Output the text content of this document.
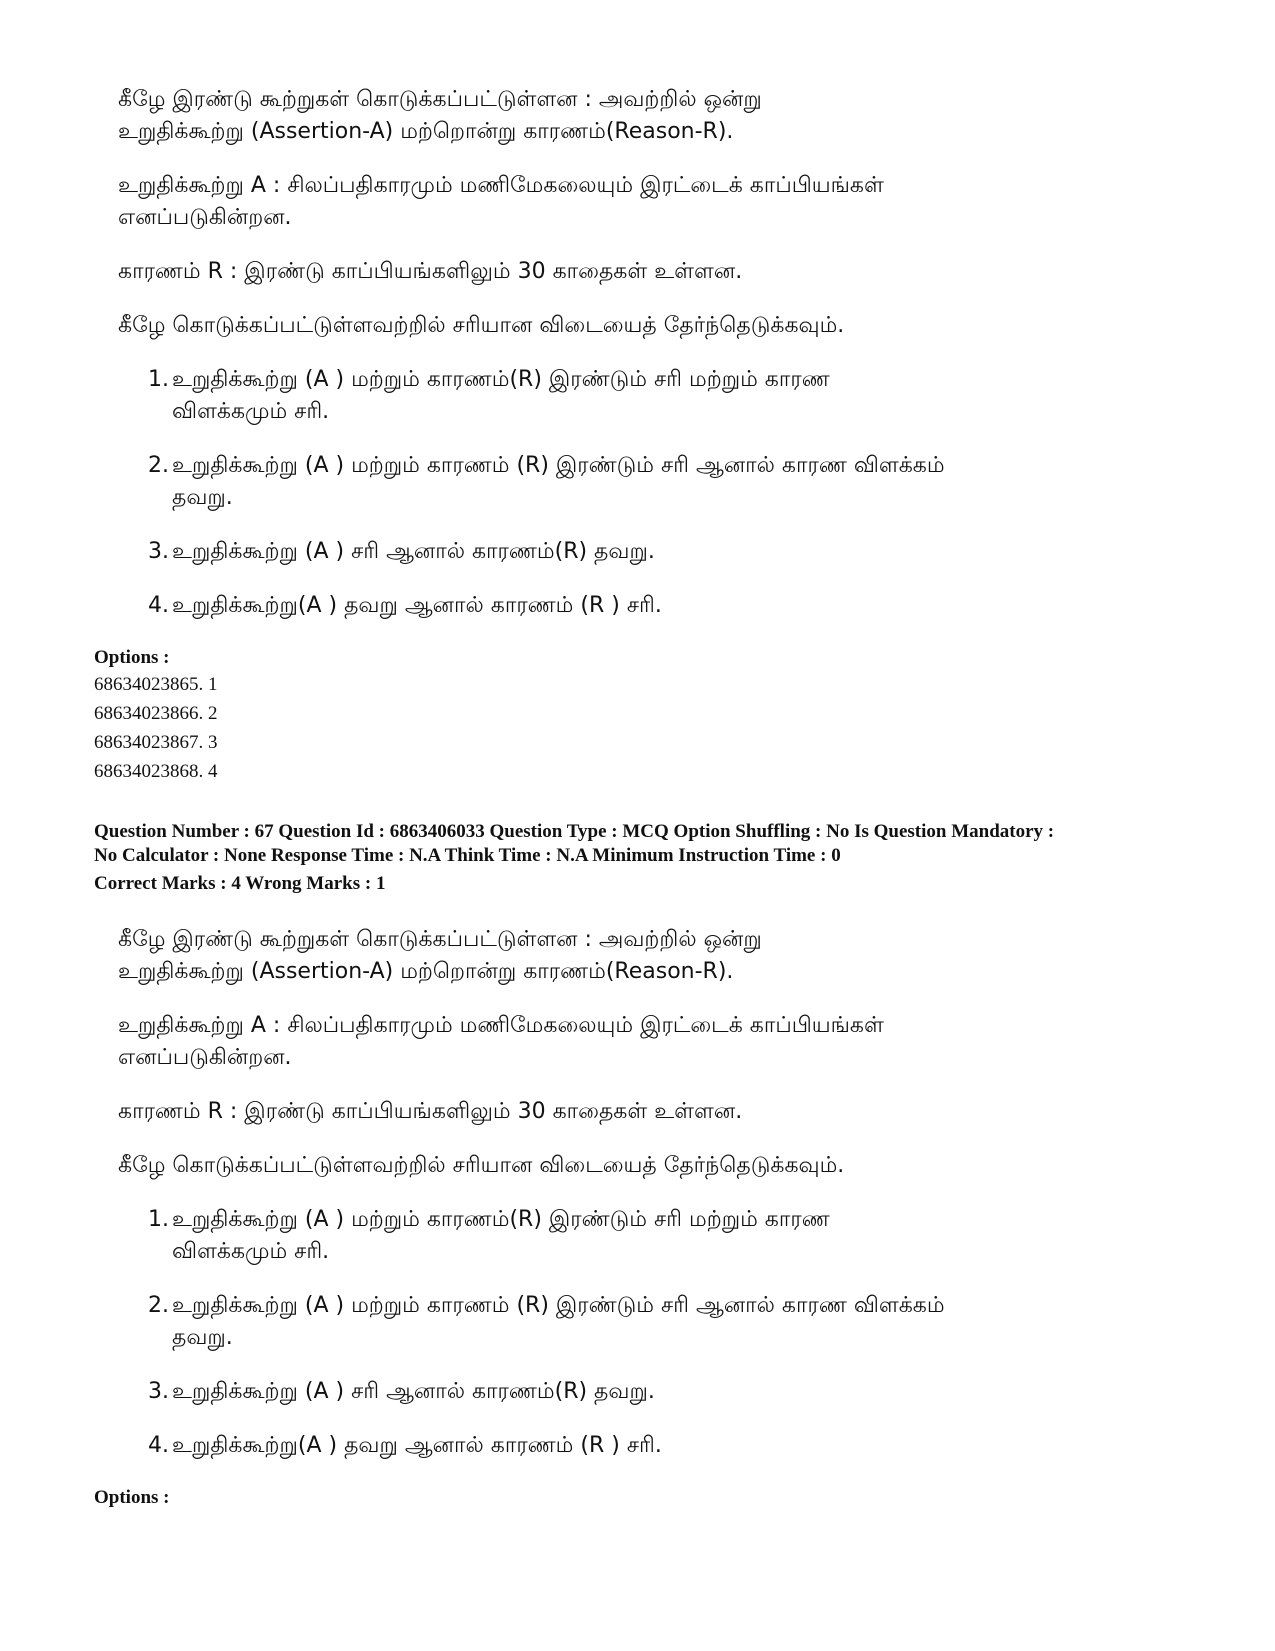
கீழே இரண்டு கூற்றுகள் கொடுக்கப்பட்டுள்ளன : அவற்றில் ஒன்று
உறுதிக்கூற்று (Assertion-A) மற்றொன்று காரணம்(Reason-R).
உறுதிக்கூற்று A : சிலப்பதிகாரமும் மணிமேகலையும் இரட்டைக் காப்பியங்கள்
எனப்படுகின்றன.
காரணம் R : இரண்டு காப்பியங்களிலும் 30 காதைகள் உள்ளன.
கீழே கொடுக்கப்பட்டுள்ளவற்றில் சரியான விடையைத் தேர்ந்தெடுக்கவும்.
1. உறுதிக்கூற்று (A ) மற்றும் காரணம்(R) இரண்டும் சரி மற்றும் காரண
விளக்கமும் சரி.
2. உறுதிக்கூற்று (A ) மற்றும் காரணம் (R) இரண்டும் சரி ஆனால் காரண விளக்கம்
தவறு.
3. உறுதிக்கூற்று (A ) சரி ஆனால் காரணம்(R) தவறு.
4. உறுதிக்கூற்று(A ) தவறு ஆனால் காரணம் (R ) சரி.
Options :
68634023865. 1
68634023866. 2
68634023867. 3
68634023868. 4
Question Number : 67 Question Id : 6863406033 Question Type : MCQ Option Shuffling : No Is Question Mandatory :
No Calculator : None Response Time : N.A Think Time : N.A Minimum Instruction Time : 0
Correct Marks : 4 Wrong Marks : 1
கீழே இரண்டு கூற்றுகள் கொடுக்கப்பட்டுள்ளன : அவற்றில் ஒன்று
உறுதிக்கூற்று (Assertion-A) மற்றொன்று காரணம்(Reason-R).
உறுதிக்கூற்று A : சிலப்பதிகாரமும் மணிமேகலையும் இரட்டைக் காப்பியங்கள்
எனப்படுகின்றன.
காரணம் R : இரண்டு காப்பியங்களிலும் 30 காதைகள் உள்ளன.
கீழே கொடுக்கப்பட்டுள்ளவற்றில் சரியான விடையைத் தேர்ந்தெடுக்கவும்.
1. உறுதிக்கூற்று (A ) மற்றும் காரணம்(R) இரண்டும் சரி மற்றும் காரண
விளக்கமும் சரி.
2. உறுதிக்கூற்று (A ) மற்றும் காரணம் (R) இரண்டும் சரி ஆனால் காரண விளக்கம்
தவறு.
3. உறுதிக்கூற்று (A ) சரி ஆனால் காரணம்(R) தவறு.
4. உறுதிக்கூற்று(A ) தவறு ஆனால் காரணம் (R ) சரி.
Options :
